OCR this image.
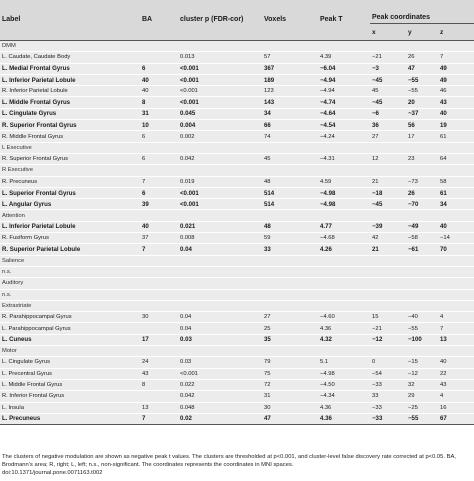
Label	BA	cluster p (FDR-cor)	Voxels	Peak T	Peak coordinates		
					x	y	z
DMM							
L. Caudate, Caudate Body		0.013	57	4.39	−21	26	7
L. Medial Frontal Gyrus	6	<0.001	367	−6.04	−3	47	49
L. Inferior Parietal Lobule	40	<0.001	189	−4.94	−45	−55	49
R. Inferior Parietal Lobule	40	<0.001	123	−4.94	45	−55	46
L. Middle Frontal Gyrus	8	<0.001	143	−4.74	−45	20	43
L. Cingulate Gyrus	31	0.045	34	−4.64	−6	−37	40
R. Superior Frontal Gyrus	10	0.004	66	−4.54	36	56	19
R. Middle Frontal Gyrus	6	0.002	74	−4.24	27	17	61
L Executive							
R. Superior Frontal Gyrus	6	0.042	45	−4.31	12	23	64
R Executive							
R. Precuneus	7	0.019	48	4.59	21	−73	58
L. Superior Frontal Gyrus	6	<0.001	514	−4.98	−18	26	61
L. Angular Gyrus	39	<0.001	514	−4.98	−45	−70	34
Attention							
L. Inferior Parietal Lobule	40	0.021	48	4.77	−39	−49	40
R. Fusiform Gyrus	37	0.008	59	−4.68	42	−58	−14
R. Superior Parietal Lobule	7	0.04	33	4.26	21	−61	70
Salience							
n.s.							
Auditory							
n.s.							
Extrastriate							
R. Parahippocampal Gyrus	30	0.04	27	−4.60	15	−40	4
L. Parahippocampal Gyrus		0.04	25	4.36	−21	−55	7
L. Cuneus	17	0.03	35	4.32	−12	−100	13
Motor							
L. Cingulate Gyrus	24	0.03	79	5.1	0	−15	40
L. Precentral Gyrus	43	<0.001	75	−4.98	−54	−12	22
L. Middle Frontal Gyrus	8	0.022	72	−4.50	−33	32	43
R. Inferior Frontal Gyrus		0.042	31	−4.34	33	29	4
L. Insula	13	0.048	30	4.36	−33	−25	16
L. Precuneus	7	0.02	47	4.36	−33	−55	67

The clusters of negative modulation are shown as negative peak t values. The clusters are thresholded at p<0.001, and cluster-level false discovery rate corrected at p<0.05. BA, Brodmann’s area; R, right; L, left; n.s., non-significant. The coordinates represents the coordinates in MNI spaces.

doi:10.1371/journal.pone.0071163.t002
